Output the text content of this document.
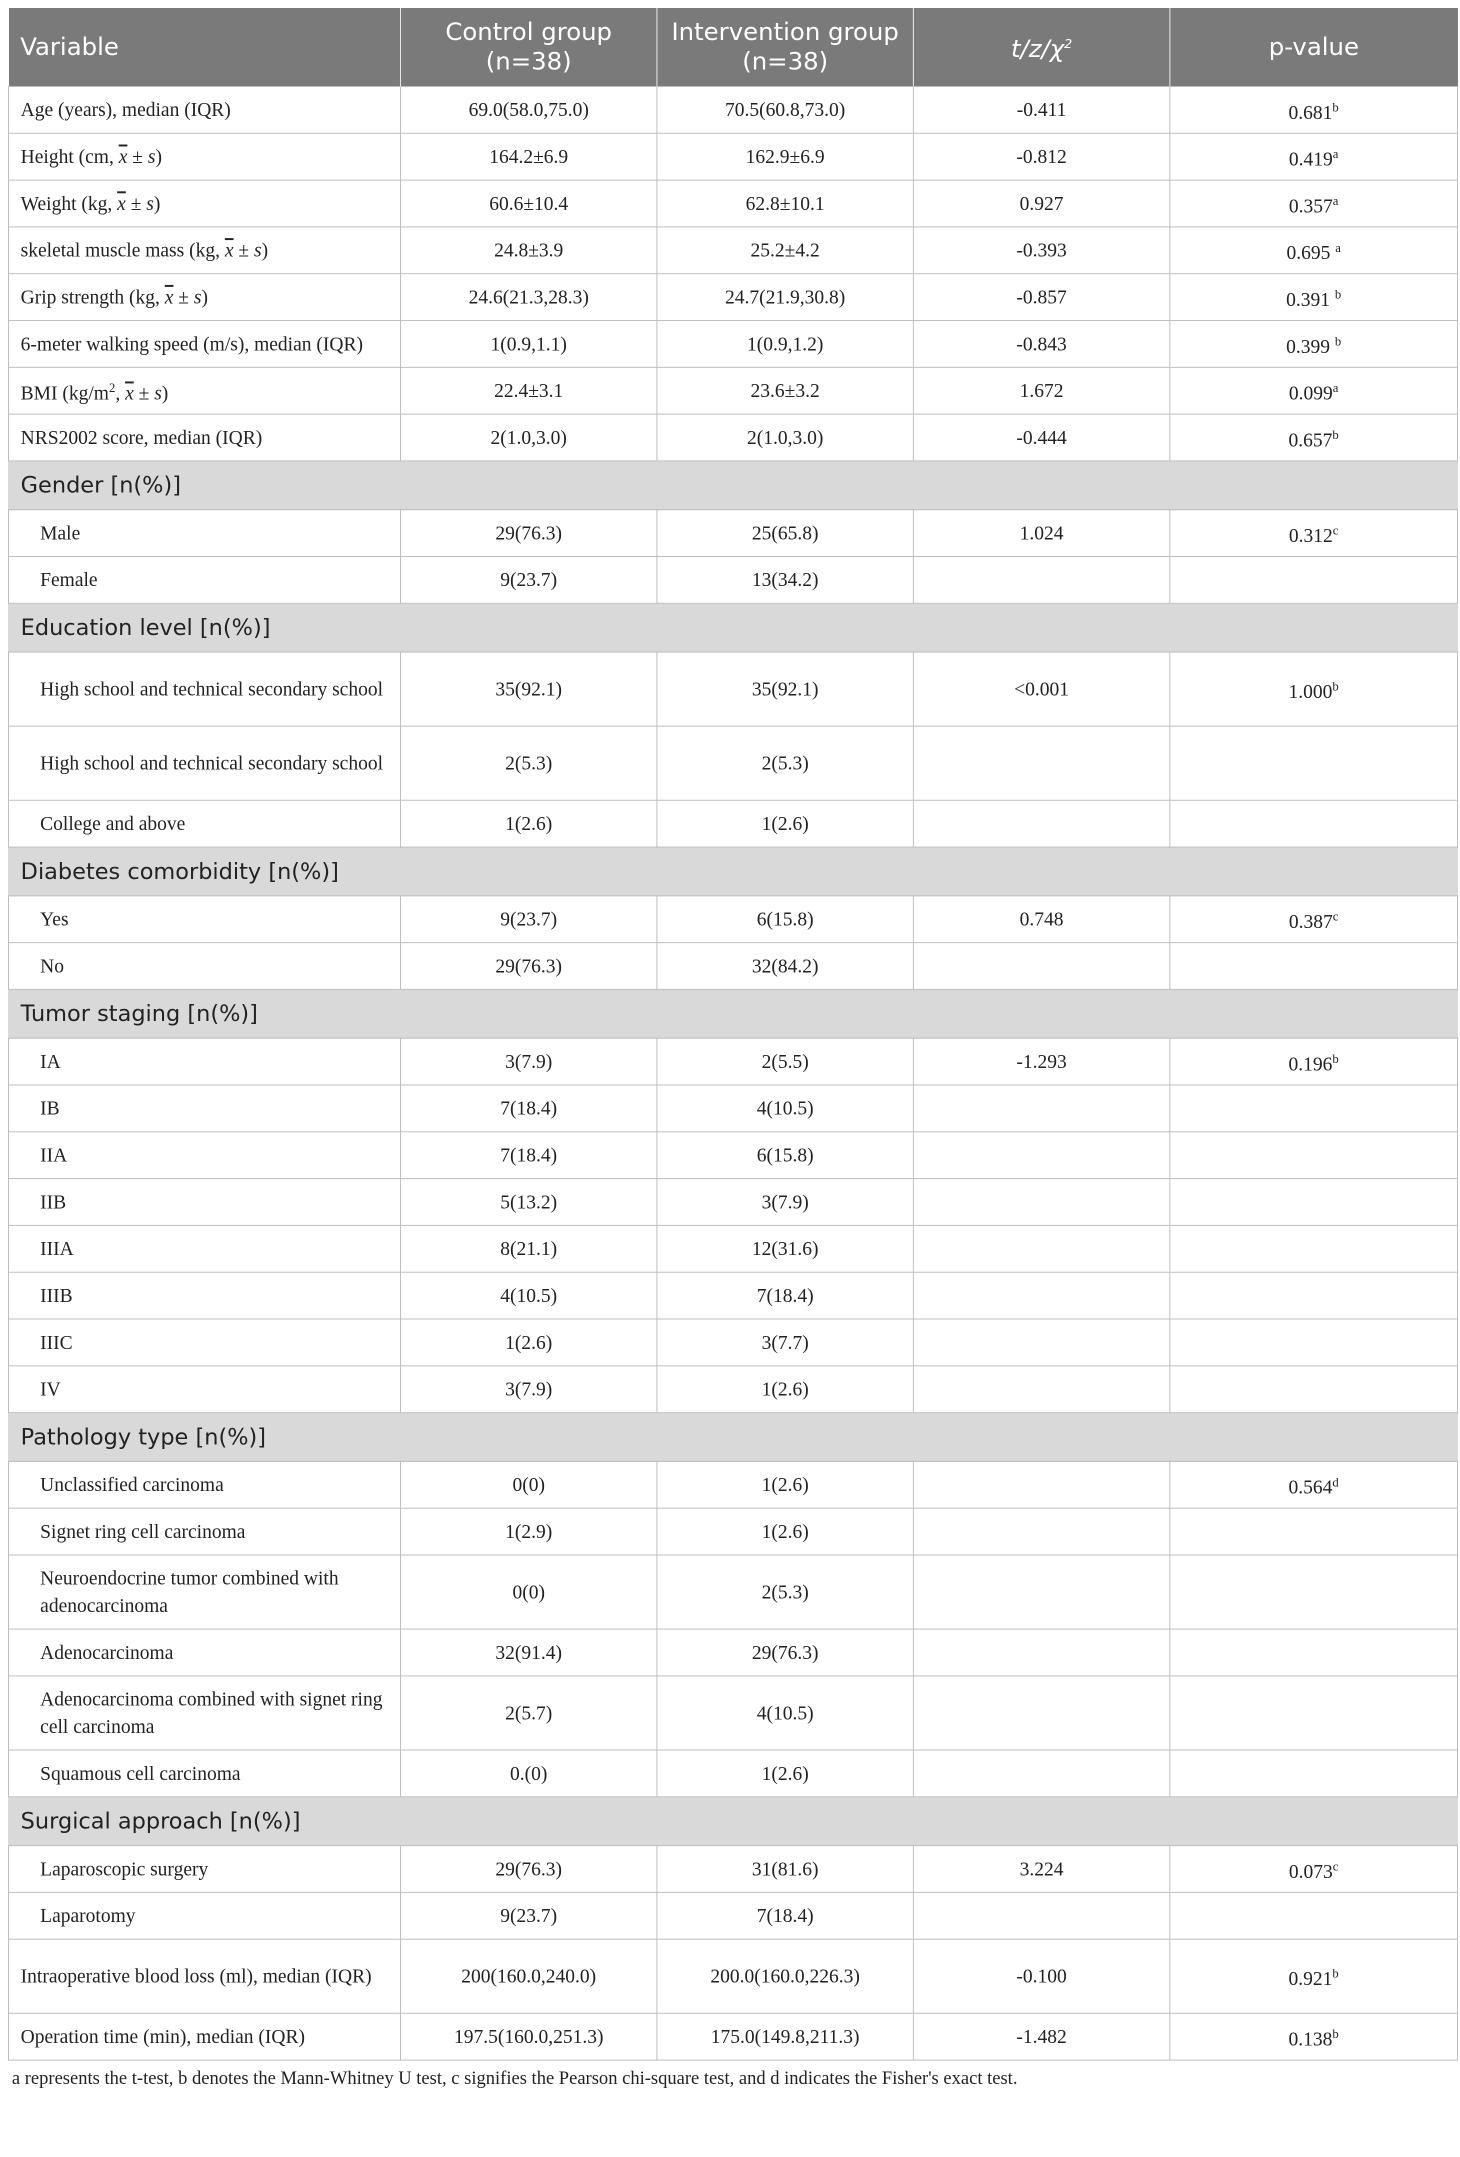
Variable	Control group (n=38)	Intervention group (n=38)	$t/z/\chi^2$	p-value
Age (years), median (IQR)	69.0(58.0,75.0)	70.5(60.8,73.0)	-0.411	0.681$^b$
Height (cm, $\overline{x} \pm s$)	164.2±6.9	162.9±6.9	-0.812	0.419$^a$
Weight (kg, $\overline{x} \pm s$)	60.6±10.4	62.8±10.1	0.927	0.357$^a$
skeletal muscle mass (kg, $\overline{x} \pm s$)	24.8±3.9	25.2±4.2	-0.393	0.695 $^a$
Grip strength (kg, $\overline{x} \pm s$)	24.6(21.3,28.3)	24.7(21.9,30.8)	-0.857	0.391 $^b$
6-meter walking speed (m/s), median (IQR)	1(0.9,1.1)	1(0.9,1.2)	-0.843	0.399 $^b$
BMI ($kg/m^2$, $\overline{x} \pm s$)	22.4±3.1	23.6±3.2	1.672	0.099$^a$
NRS2002 score, median (IQR)	2(1.0,3.0)	2(1.0,3.0)	-0.444	0.657$^b$
Gender [n(%)]				
Male	29(76.3)	25(65.8)	1.024	0.312$^c$
Female	9(23.7)	13(34.2)		
Education level [n(%)]				
High school and technical secondary school	35(92.1)	35(92.1)	<0.001	1.000$^b$
High school and technical secondary school	2(5.3)	2(5.3)		
College and above	1(2.6)	1(2.6)		
Diabetes comorbidity [n(%)]				
Yes	9(23.7)	6(15.8)	0.748	0.387$^c$
No	29(76.3)	32(84.2)		
Tumor staging [n(%)]				
IA	3(7.9)	2(5.5)	-1.293	0.196$^b$
IB	7(18.4)	4(10.5)		
IIA	7(18.4)	6(15.8)		
IIB	5(13.2)	3(7.9)		
IIIA	8(21.1)	12(31.6)		
IIIB	4(10.5)	7(18.4)		
IIIC	1(2.6)	3(7.7)		
IV	3(7.9)	1(2.6)		
Pathology type [n(%)]				
Unclassified carcinoma	0(0)	1(2.6)		0.564$^d$
Signet ring cell carcinoma	1(2.9)	1(2.6)		
Neuroendocrine tumor combined with adenocarcinoma	0(0)	2(5.3)		
Adenocarcinoma	32(91.4)	29(76.3)		
Adenocarcinoma combined with signet ring cell carcinoma	2(5.7)	4(10.5)		
Squamous cell carcinoma	0.(0)	1(2.6)		
Surgical approach [n(%)]				
Laparoscopic surgery	29(76.3)	31(81.6)	3.224	0.073$^c$
Laparotomy	9(23.7)	7(18.4)		
Intraoperative blood loss (ml), median (IQR)	200(160.0,240.0)	200.0(160.0,226.3)	-0.100	0.921$^b$
Operation time (min), median (IQR)	197.5(160.0,251.3)	175.0(149.8,211.3)	-1.482	0.138$^b$
a represents the t-test, b denotes the Mann-Whitney U test, c signifies the Pearson chi-square test, and d indicates the Fisher's exact test.
